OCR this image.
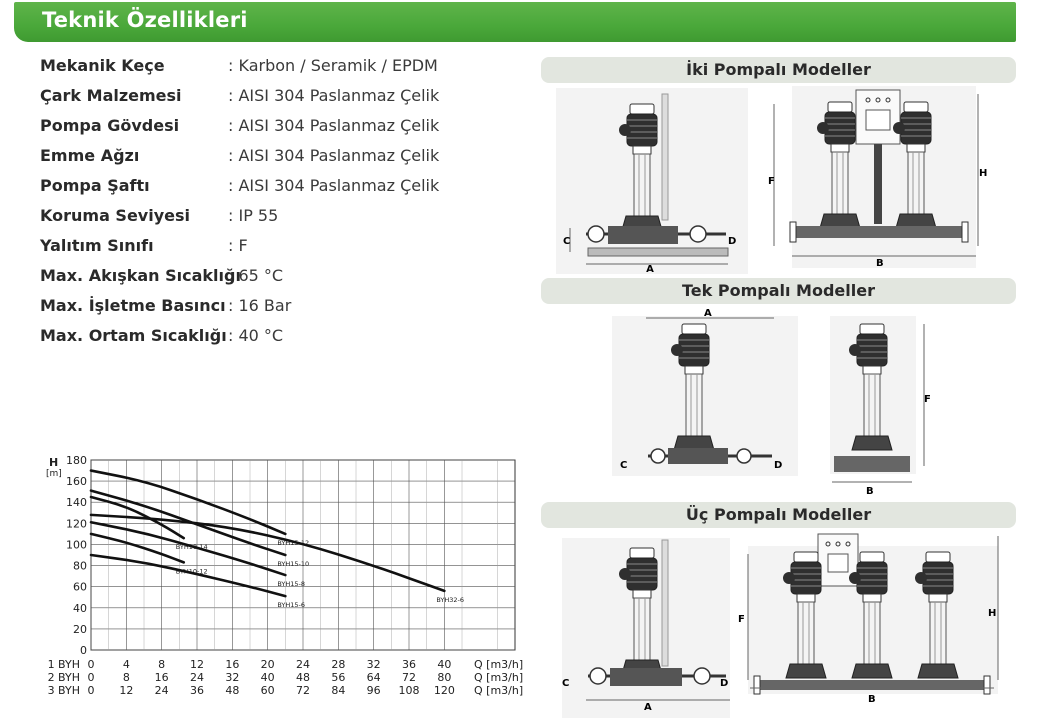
Teknik Özellikleri
Mekanik Keçe	: Karbon / Seramik / EPDM
Çark Malzemesi	: AISI 304 Paslanmaz Çelik
Pompa Gövdesi	: AISI 304 Paslanmaz Çelik
Emme Ağzı	: AISI 304 Paslanmaz Çelik
Pompa Şaftı	: AISI 304 Paslanmaz Çelik
Koruma Seviyesi : IP 55
Yalıtım Sınıfı	: F
Max. Akışkan Sıcaklığı
: 65 °C
Max. İşletme Basıncı : 16 Bar
Max. Ortam Sıcaklığı : 40 °C
İki Pompalı Modeller
Tek Pompalı Modeller
Üç Pompalı Modeller
A
C	D
F
H
B
A
C	D
F
B
A
C	D
F
H
B
0
20
40
60
80
100
120
140
160
180
H
[m]
1 BYH 0	4	8 12 16 20 24 28 32 36 40 Q [m3/h]
2 BYH 0	8 16 24 32 40 48 56 64 72 80 Q [m3/h]
3 BYH 0 12 24 36 48 60 72 84 96 108 120 Q [m3/h]
BYH15-12
BYH32-6
BYH15-10
BYH10-14
BYH15-8
BYH10-12
BYH15-6
